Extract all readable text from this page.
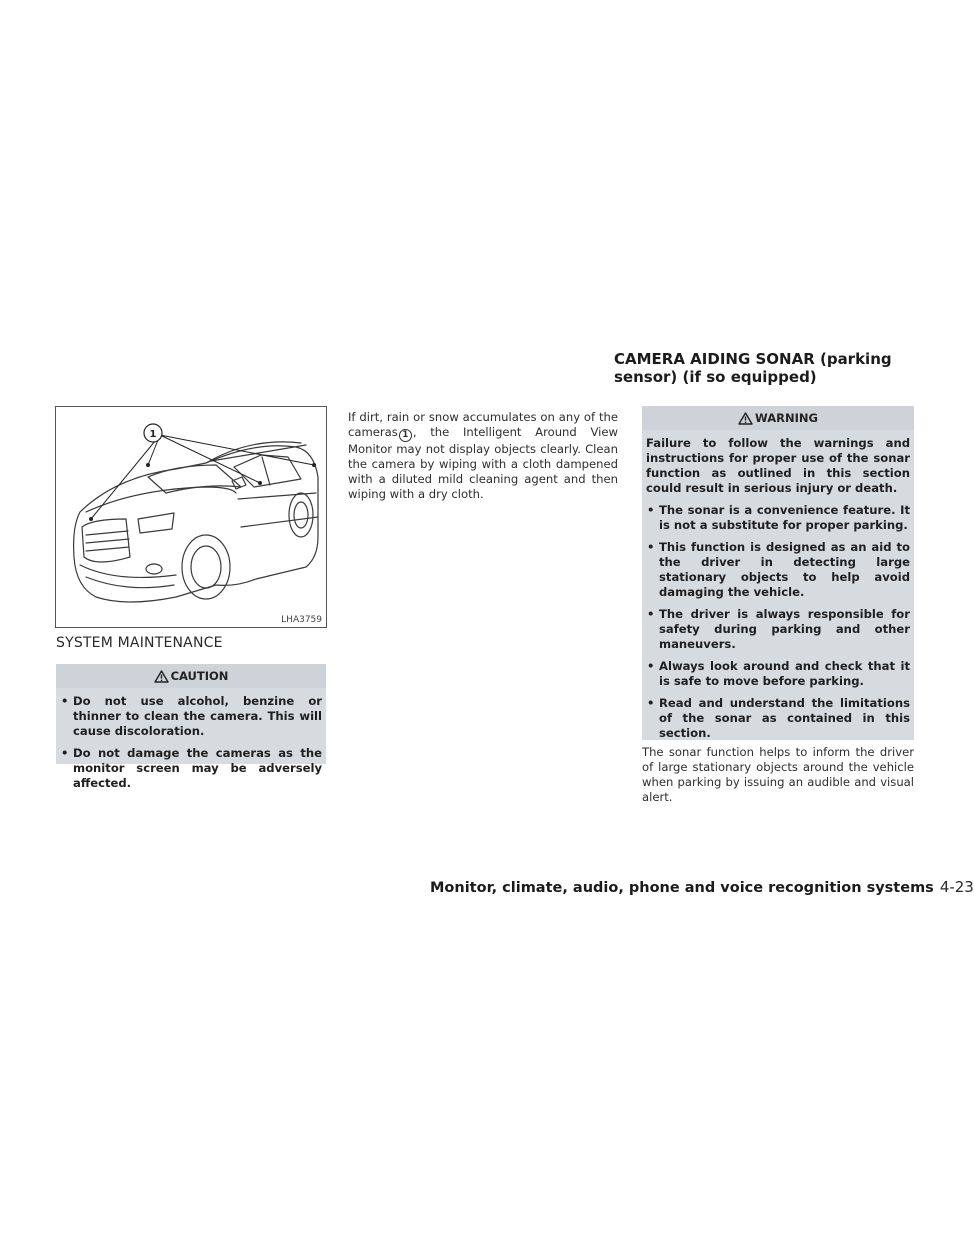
CAMERA AIDING SONAR (parking sensor) (if so equipped)
1
LHA3759
SYSTEM MAINTENANCE
CAUTION
• Do not use alcohol, benzine or thinner to clean the camera. This will cause discoloration.
• Do not damage the cameras as the monitor screen may be adversely affected.
If dirt, rain or snow accumulates on any of the cameras 1 , the Intelligent Around View Monitor may not display objects clearly. Clean the camera by wiping with a cloth dampened with a diluted mild cleaning agent and then wiping with a dry cloth.
WARNING

Failure to follow the warnings and instructions for proper use of the sonar function as outlined in this section could result in serious injury or death.

• The sonar is a convenience feature. It is not a substitute for proper parking.
• This function is designed as an aid to the driver in detecting large stationary objects to help avoid damaging the vehicle.
• The driver is always responsible for safety during parking and other maneuvers.
• Always look around and check that it is safe to move before parking.
• Read and understand the limitations of the sonar as contained in this section.
The sonar function helps to inform the driver of large stationary objects around the vehicle when parking by issuing an audible and visual alert.
Monitor, climate, audio, phone and voice recognition systems 4-23
